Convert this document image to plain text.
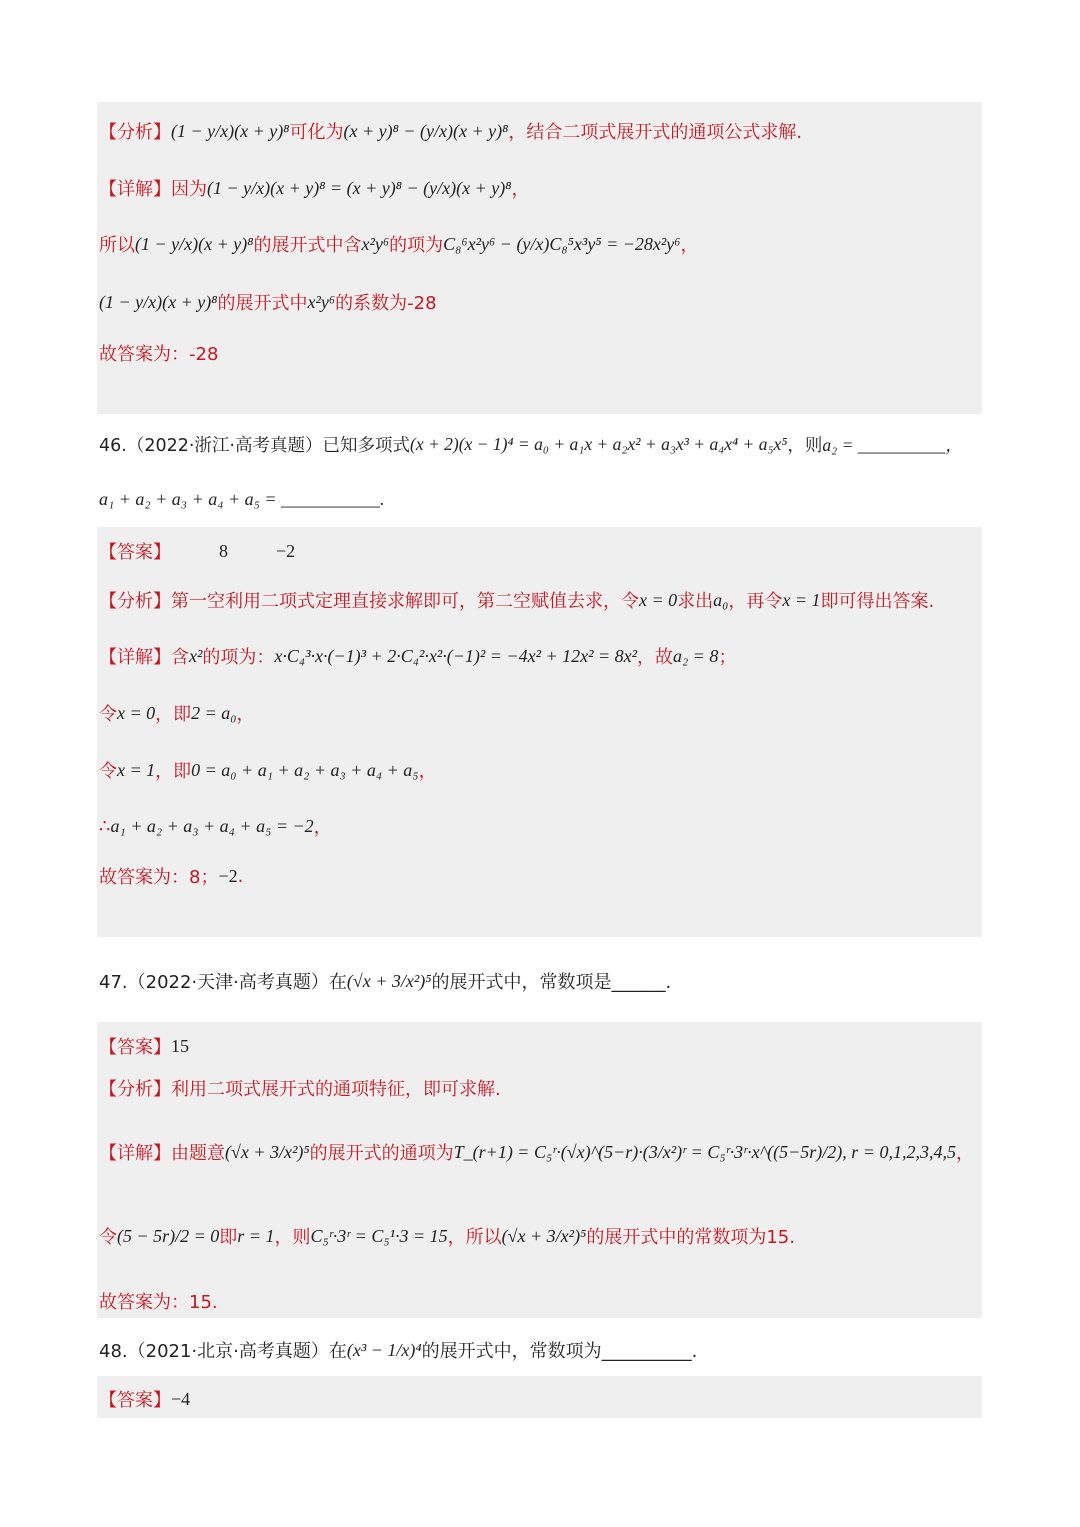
【分析】 (1 − y/x)(x + y)⁸ 可化为 (x + y)⁸ − (y/x)(x + y)⁸ ，结合二项式展开式的通项公式求解.
【详解】 因为 (1 − y/x)(x + y)⁸ = (x + y)⁸ − (y/x)(x + y)⁸ ，
所以 (1 − y/x)(x + y)⁸ 的展开式中含 x²y⁶ 的项为 C₈⁶x²y⁶ − (y/x)C₈⁵x³y⁵ = −28x²y⁶ ，
(1 − y/x)(x + y)⁸ 的展开式中 x²y⁶ 的系数为-28
故答案为：-28
46.（2022·浙江·高考真题）已知多项式 (x + 2)(x − 1)⁴ = a₀ + a₁x + a₂x² + a₃x³ + a₄x⁴ + a₅x⁵ ，则 a₂ = __________，
a₁ + a₂ + a₃ + a₄ + a₅ = ___________.
【答案】	8	−2
【分析】 第一空利用二项式定理直接求解即可，第二空赋值去求，令 x = 0 求出 a₀ ，再令 x = 1 即可得出答案.
【详解】 含 x² 的项为： x·C₄³·x·(−1)³ + 2·C₄²·x²·(−1)² = −4x² + 12x² = 8x² ，故 a₂ = 8 ；
令 x = 0 ，即 2 = a₀ ，
令 x = 1 ，即 0 = a₀ + a₁ + a₂ + a₃ + a₄ + a₅ ，
∴ a₁ + a₂ + a₃ + a₄ + a₅ = −2 ，
故答案为：8； −2 .
47.（2022·天津·高考真题）在 (√x + 3/x²)⁵ 的展开式中，常数项是______.
【答案】 15
【分析】 利用二项式展开式的通项特征，即可求解.
【详解】 由题意 (√x + 3/x²)⁵ 的展开式的通项为 T_(r+1) = C₅ʳ·(√x)^(5−r)·(3/x²)ʳ = C₅ʳ·3ʳ·x^((5−5r)/2), r = 0,1,2,3,4,5 ，
令 (5 − 5r)/2 = 0 即 r = 1 ，则 C₅ʳ·3ʳ = C₅¹·3 = 15 ，所以 (√x + 3/x²)⁵ 的展开式中的常数项为15.
故答案为：15.
48.（2021·北京·高考真题）在 (x³ − 1/x)⁴ 的展开式中，常数项为__________.
【答案】 −4
